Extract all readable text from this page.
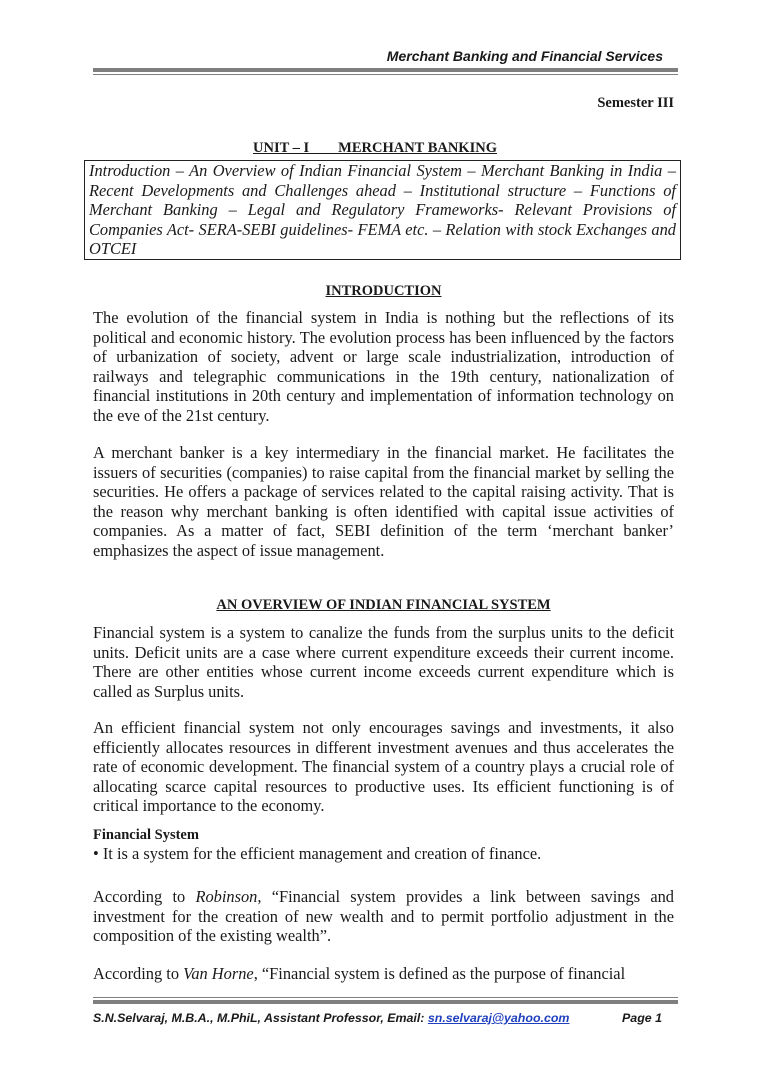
Merchant Banking and Financial Services
Semester III
UNIT – I        MERCHANT BANKING
Introduction – An Overview of Indian Financial System – Merchant Banking in India –Recent Developments and Challenges ahead – Institutional structure – Functions of Merchant Banking – Legal and Regulatory Frameworks- Relevant Provisions of Companies Act- SERA-SEBI guidelines- FEMA etc. – Relation with stock Exchanges and OTCEI
INTRODUCTION

The evolution of the financial system in India is nothing but the reflections of its political and economic history. The evolution process has been influenced by the factors of urbanization of society, advent or large scale industrialization, introduction of railways and telegraphic communications in the 19th century, nationalization of financial institutions in 20th century and implementation of information technology on the eve of the 21st century.

A merchant banker is a key intermediary in the financial market. He facilitates the issuers of securities (companies) to raise capital from the financial market by selling the securities. He offers a package of services related to the capital raising activity. That is the reason why merchant banking is often identified with capital issue activities of companies. As a matter of fact, SEBI definition of the term ‘merchant banker’ emphasizes the aspect of issue management.

AN OVERVIEW OF INDIAN FINANCIAL SYSTEM

Financial system is a system to canalize the funds from the surplus units to the deficit units. Deficit units are a case where current expenditure exceeds their current income. There are other entities whose current income exceeds current expenditure which is called as Surplus units.

An efficient financial system not only encourages savings and investments, it also efficiently allocates resources in different investment avenues and thus accelerates the rate of economic development. The financial system of a country plays a crucial role of allocating scarce capital resources to productive uses. Its efficient functioning is of critical importance to the economy.

Financial System

• It is a system for the efficient management and creation of finance.

According to Robinson, “Financial system provides a link between savings and investment for the creation of new wealth and to permit portfolio adjustment in the composition of the existing wealth”.

According to Van Horne, “Financial system is defined as the purpose of financial

S.N.Selvaraj, M.B.A., M.PhiL, Assistant Professor, Email: sn.selvaraj@yahoo.com	Page 1
